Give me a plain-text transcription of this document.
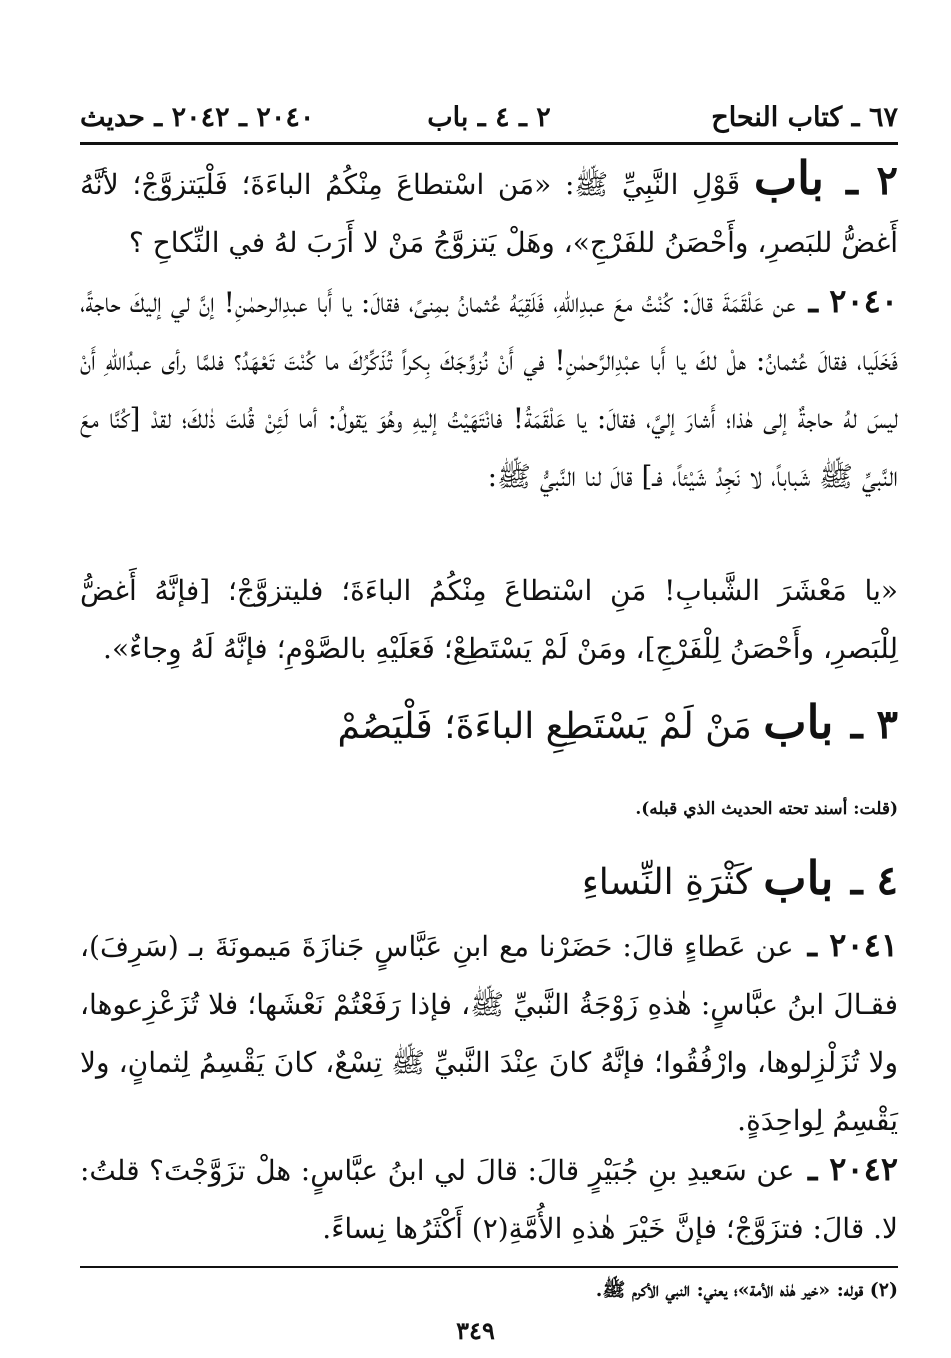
٦٧ ـ كتاب النحاح
٢ ـ ٤ ـ باب
٢٠٤٠ ـ ٢٠٤٢ ـ حديث
٢ ـ باب قَوْلِ النَّبِيِّ ﷺ: «مَن اسْتطاعَ مِنْكُمُ الباءَةَ؛ فَلْيَتزوَّجْ؛ لأنَّهُ أَغضُّ للبَصرِ، وأَحْصَنُ للفَرْجِ»، وهَلْ يَتزوَّجُ مَنْ لا أَرَبَ لهُ في النِّكاحِ ؟
٢٠٤٠ ـ عن عَلْقَمَةَ قالَ: كُنْتُ معَ عبدِاللهِ، فَلَقِيَهُ عُثمانُ بمِنىً، فقالَ: يا أَبا عبدِالرحمٰنِ! إنَّ لي إليكَ حاجةً، فَخَلَيا، فقالَ عُثمانُ: هلْ لكَ يا أَبا عبْدِالرَّحمٰنِ! في أَنْ نُزوِّجَكَ بِكراً تُذَكِّرُكَ ما كُنْتَ تَعْهَدُ؟ فلمَّا رأى عبدُاللهِ أَنْ ليسَ لهُ حاجةٌ إلى هٰذا؛ أَشارَ إليَّ، فقالَ: يا عَلْقَمَةُ! فانْتَهَيْتُ إليهِ وهُوَ يَقولُ: أما لَئِنْ قُلتَ ذٰلكَ؛ لقدْ [كُنَّا معَ النَّبيِّ ﷺ شَباباً، لا نَجِدُ شَيْئاً، فـ] قالَ لنا النَّبيُّ ﷺ:
«يا مَعْشَرَ الشَّبابِ! مَنِ اسْتطاعَ مِنْكُمُ الباءَةَ؛ فليتزوَّجْ؛ [فإنَّهُ أَغضُّ لِلْبَصرِ، وأَحْصَنُ لِلْفَرْجِ]، ومَنْ لَمْ يَسْتَطِعْ؛ فَعَلَيْهِ بالصَّوْمِ؛ فإنَّهُ لَهُ وِجاءٌ».
٣ ـ باب مَنْ لَمْ يَسْتَطِعِ الباءَةَ؛ فَلْيَصُمْ
(قلت: أسند تحته الحديث الذي قبله).
٤ ـ باب كَثْرَةِ النِّساءِ
٢٠٤١ ـ عن عَطاءٍ قالَ: حَضَرْنا مع ابنِ عَبَّاسٍ جَنازَةَ مَيمونَةَ بـ (سَرِفَ)، فقـالَ ابنُ عبَّاسٍ: هٰذهِ زَوْجَةُ النَّبيِّ ﷺ، فإذا رَفَعْتُمْ نَعْشَها؛ فلا تُزَعْزِعوها، ولا تُزَلْزِلوها، وارْفُقُوا؛ فإنَّهُ كانَ عِنْدَ النَّبيِّ ﷺ تِسْعٌ، كانَ يَقْسِمُ لِثمانٍ، ولا يَقْسِمُ لِواحِدَةٍ.
٢٠٤٢ ـ عن سَعيدِ بنِ جُبَيْرٍ قالَ: قالَ لي ابنُ عبَّاسٍ: هلْ تزَوَّجْتَ؟ قلتُ: لا. قالَ: فتزَوَّجْ؛ فإنَّ خَيْرَ هٰذهِ الأُمَّةِ(٢) أَكْثَرُها نِساءً.
(٢) قوله: «خير هٰذه الأمة»؛ يعني: النبي الأكرم ﷺ.
٣٤٩
